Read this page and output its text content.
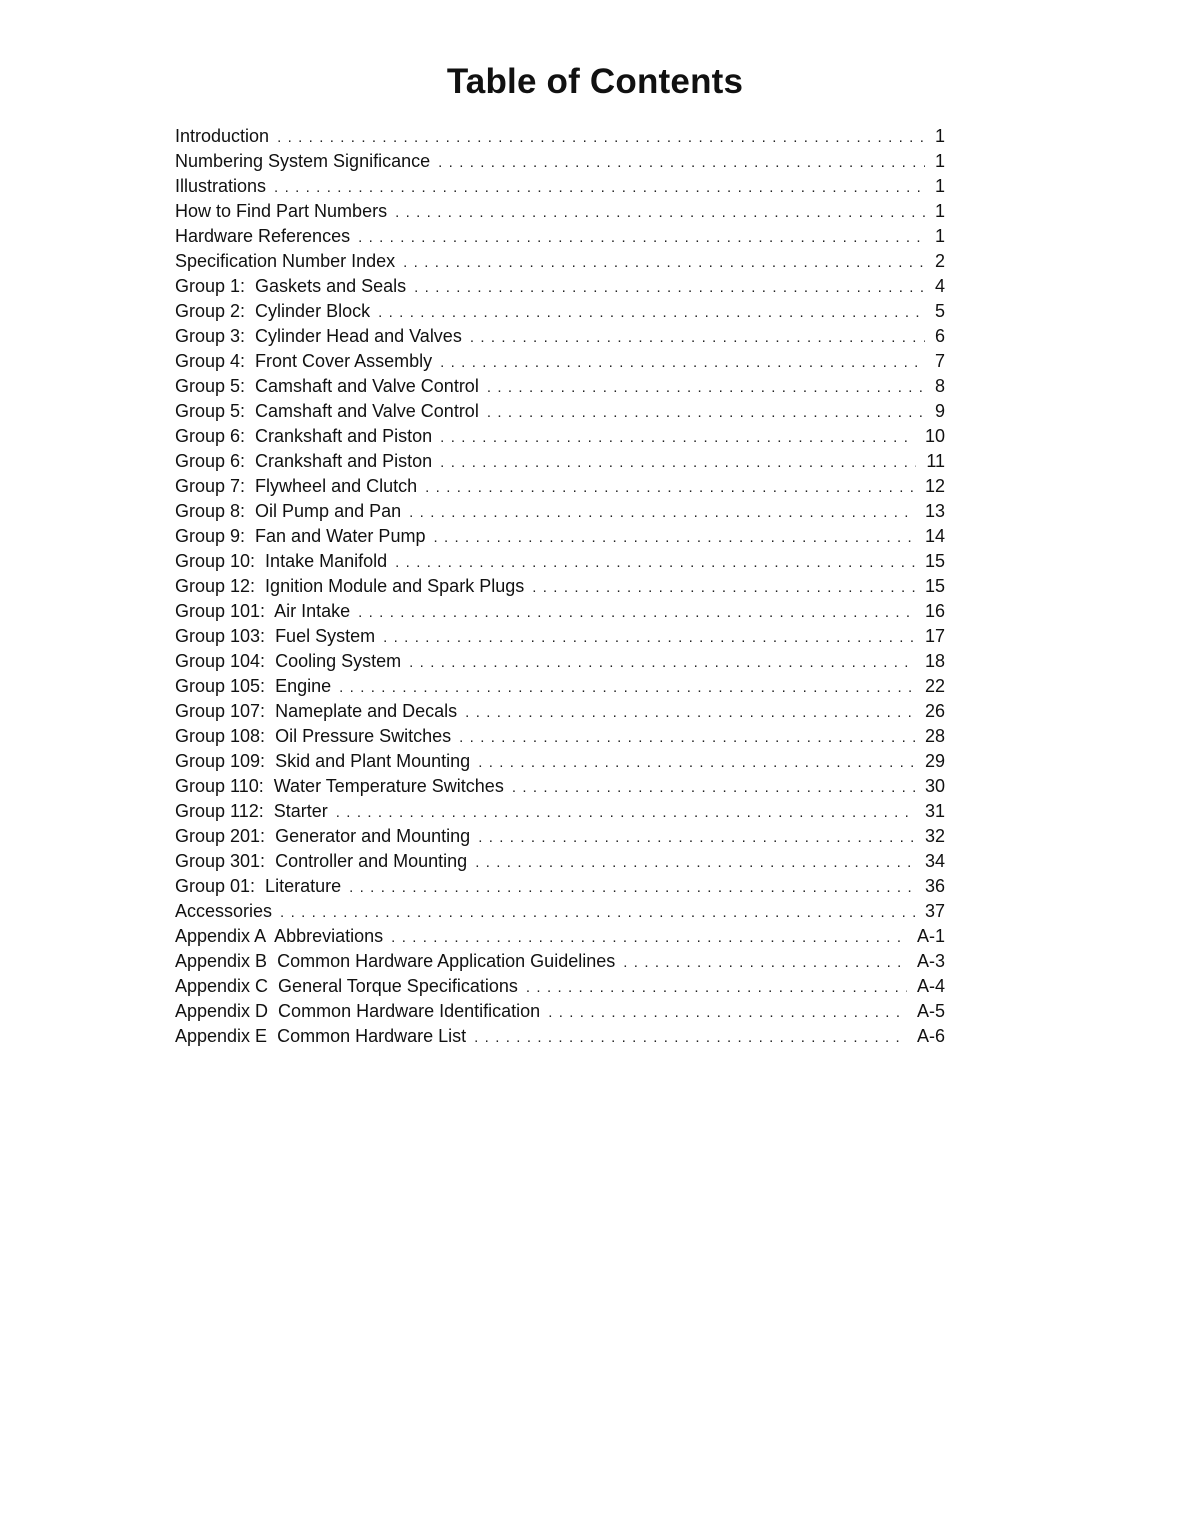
Table of Contents
Introduction . . .	1
Numbering System Significance . . .	1
Illustrations . . .	1
How to Find Part Numbers . . .	1
Hardware References . . .	1
Specification Number Index . . .	2
Group 1:  Gaskets and Seals . . .	4
Group 2:  Cylinder Block . . .	5
Group 3:  Cylinder Head and Valves . . .	6
Group 4:  Front Cover Assembly . . .	7
Group 5:  Camshaft and Valve Control . . .	8
Group 5:  Camshaft and Valve Control . . .	9
Group 6:  Crankshaft and Piston . . .	10
Group 6:  Crankshaft and Piston . . .	11
Group 7:  Flywheel and Clutch . . .	12
Group 8:  Oil Pump and Pan . . .	13
Group 9:  Fan and Water Pump . . .	14
Group 10:  Intake Manifold . . .	15
Group 12:  Ignition Module and Spark Plugs . . .	15
Group 101:  Air Intake . . .	16
Group 103:  Fuel System . . .	17
Group 104:  Cooling System . . .	18
Group 105:  Engine . . .	22
Group 107:  Nameplate and Decals . . .	26
Group 108:  Oil Pressure Switches . . .	28
Group 109:  Skid and Plant Mounting . . .	29
Group 110:  Water Temperature Switches . . .	30
Group 112:  Starter . . .	31
Group 201:  Generator and Mounting . . .	32
Group 301:  Controller and Mounting . . .	34
Group 01:  Literature . . .	36
Accessories . . .	37
Appendix A  Abbreviations . . .	A-1
Appendix B  Common Hardware Application Guidelines . . .	A-3
Appendix C  General Torque Specifications . . .	A-4
Appendix D  Common Hardware Identification . . .	A-5
Appendix E  Common Hardware List . . .	A-6
